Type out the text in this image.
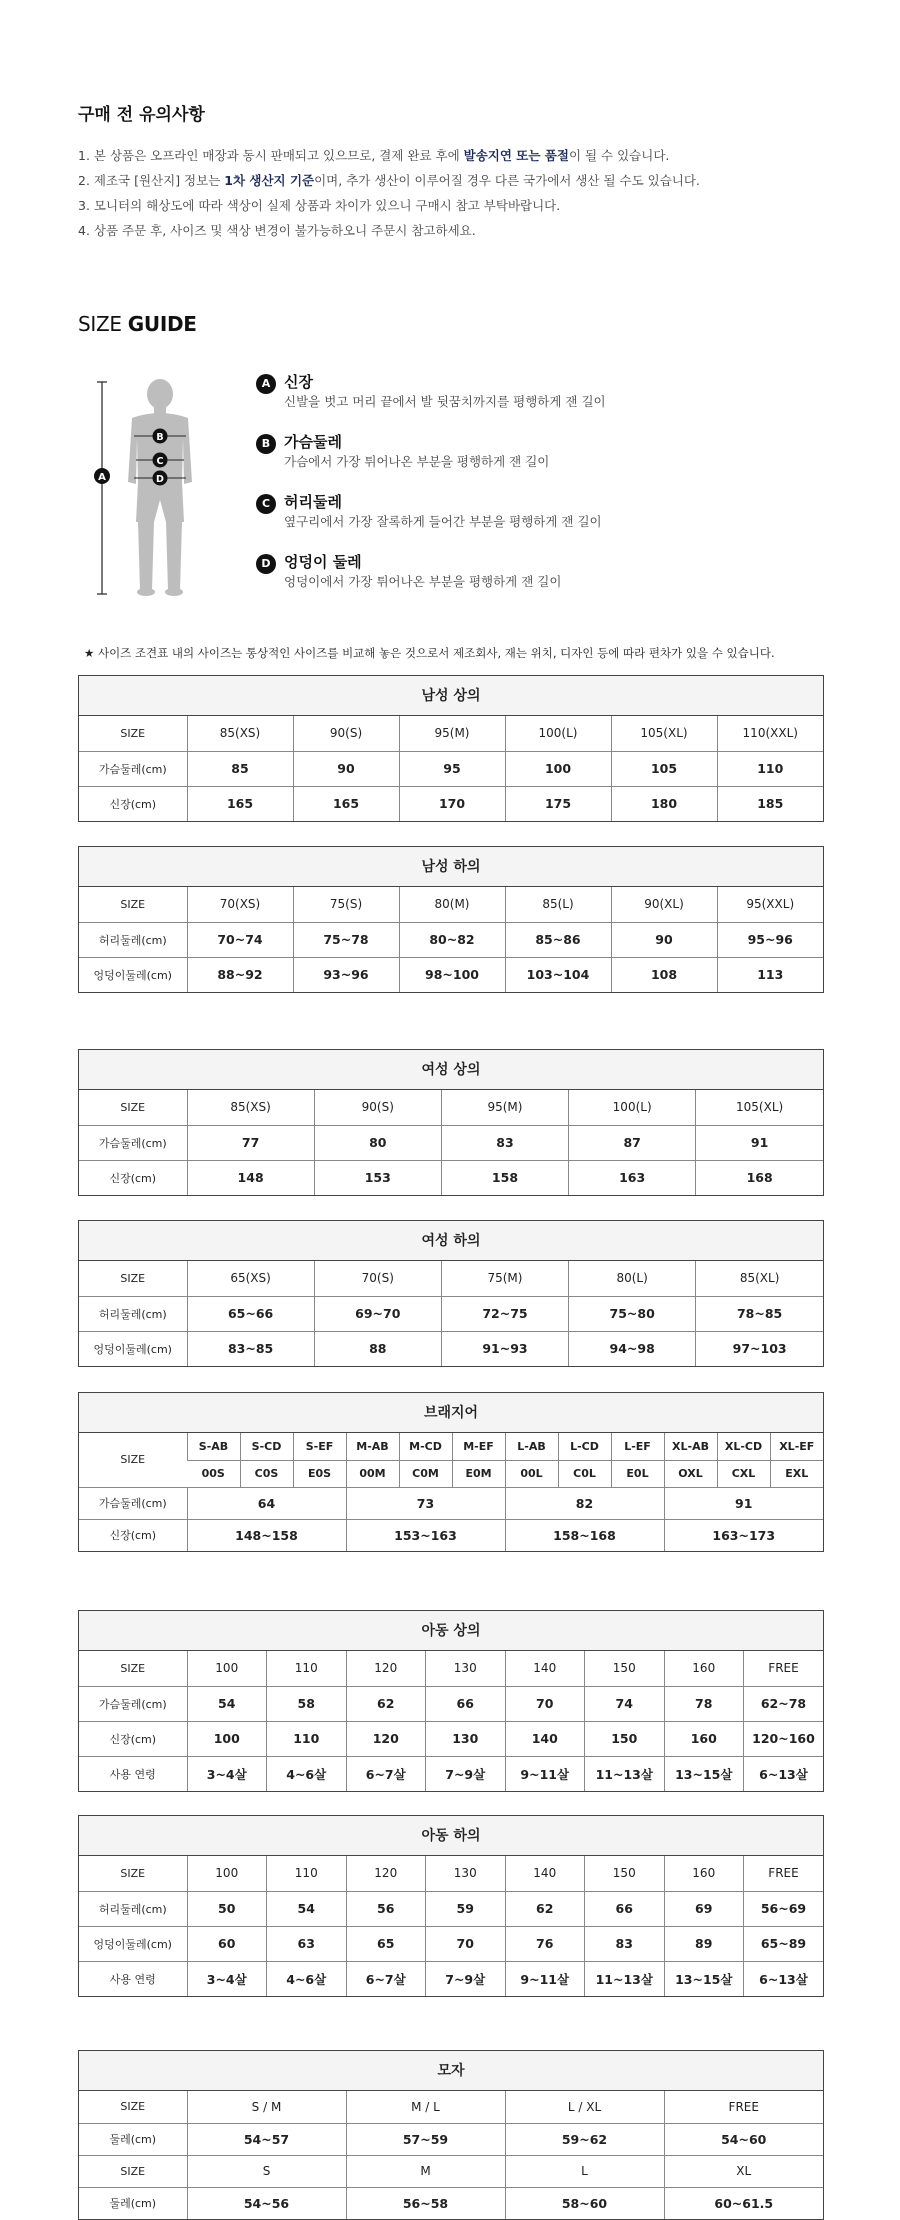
구매 전 유의사항
1. 본 상품은 오프라인 매장과 동시 판매되고 있으므로, 결제 완료 후에 발송지연 또는 품절이 될 수 있습니다.
2. 제조국 [원산지] 정보는 1차 생산지 기준이며, 추가 생산이 이루어질 경우 다른 국가에서 생산 될 수도 있습니다.
3. 모니터의 해상도에 따라 색상이 실제 상품과 차이가 있으니 구매시 참고 부탁바랍니다.
4. 상품 주문 후, 사이즈 및 색상 변경이 불가능하오니 주문시 참고하세요.
SIZE GUIDE
A
B
C
D
A 신장
신발을 벗고 머리 끝에서 발 뒷꿈치까지를 평행하게 잰 길이
B 가슴둘레
가슴에서 가장 튀어나온 부분을 평행하게 잰 길이
C 허리둘레
옆구리에서 가장 잘록하게 들어간 부분을 평행하게 잰 길이
D 엉덩이 둘레
엉덩이에서 가장 튀어나온 부분을 평행하게 잰 길이
★ 사이즈 조견표 내의 사이즈는 통상적인 사이즈를 비교해 놓은 것으로서 제조회사, 재는 위치, 디자인 등에 따라 편차가 있을 수 있습니다.
남성 상의
SIZE	85(XS)	90(S)	95(M)	100(L)	105(XL)	110(XXL)
가슴둘레(cm)	85	90	95	100	105	110
신장(cm)	165	165	170	175	180	185
남성 하의
SIZE	70(XS)	75(S)	80(M)	85(L)	90(XL)	95(XXL)
허리둘레(cm)	70~74	75~78	80~82	85~86	90	95~96
엉덩이둘레(cm)	88~92	93~96	98~100	103~104	108	113
여성 상의
SIZE	85(XS)	90(S)	95(M)	100(L)	105(XL)
가슴둘레(cm)	77	80	83	87	91
신장(cm)	148	153	158	163	168
여성 하의
SIZE	65(XS)	70(S)	75(M)	80(L)	85(XL)
허리둘레(cm)	65~66	69~70	72~75	75~80	78~85
엉덩이둘레(cm)	83~85	88	91~93	94~98	97~103
브래지어
SIZE	S-AB	S-CD	S-EF	M-AB	M-CD	M-EF	L-AB	L-CD	L-EF	XL-AB	XL-CD	XL-EF
	00S	C0S	E0S	00M	C0M	E0M	00L	C0L	E0L	OXL	CXL	EXL
가슴둘레(cm)	64			73			82			91		
신장(cm)	148~158			153~163			158~168			163~173		
아동 상의
SIZE	100	110	120	130	140	150	160	FREE
가슴둘레(cm)	54	58	62	66	70	74	78	62~78
신장(cm)	100	110	120	130	140	150	160	120~160
사용 연령	3~4살	4~6살	6~7살	7~9살	9~11살	11~13살	13~15살	6~13살
아동 하의
SIZE	100	110	120	130	140	150	160	FREE
허리둘레(cm)	50	54	56	59	62	66	69	56~69
엉덩이둘레(cm)	60	63	65	70	76	83	89	65~89
사용 연령	3~4살	4~6살	6~7살	7~9살	9~11살	11~13살	13~15살	6~13살
모자
SIZE	S / M	M / L	L / XL	FREE
둘레(cm)	54~57	57~59	59~62	54~60
SIZE	S	M	L	XL
둘레(cm)	54~56	56~58	58~60	60~61.5
